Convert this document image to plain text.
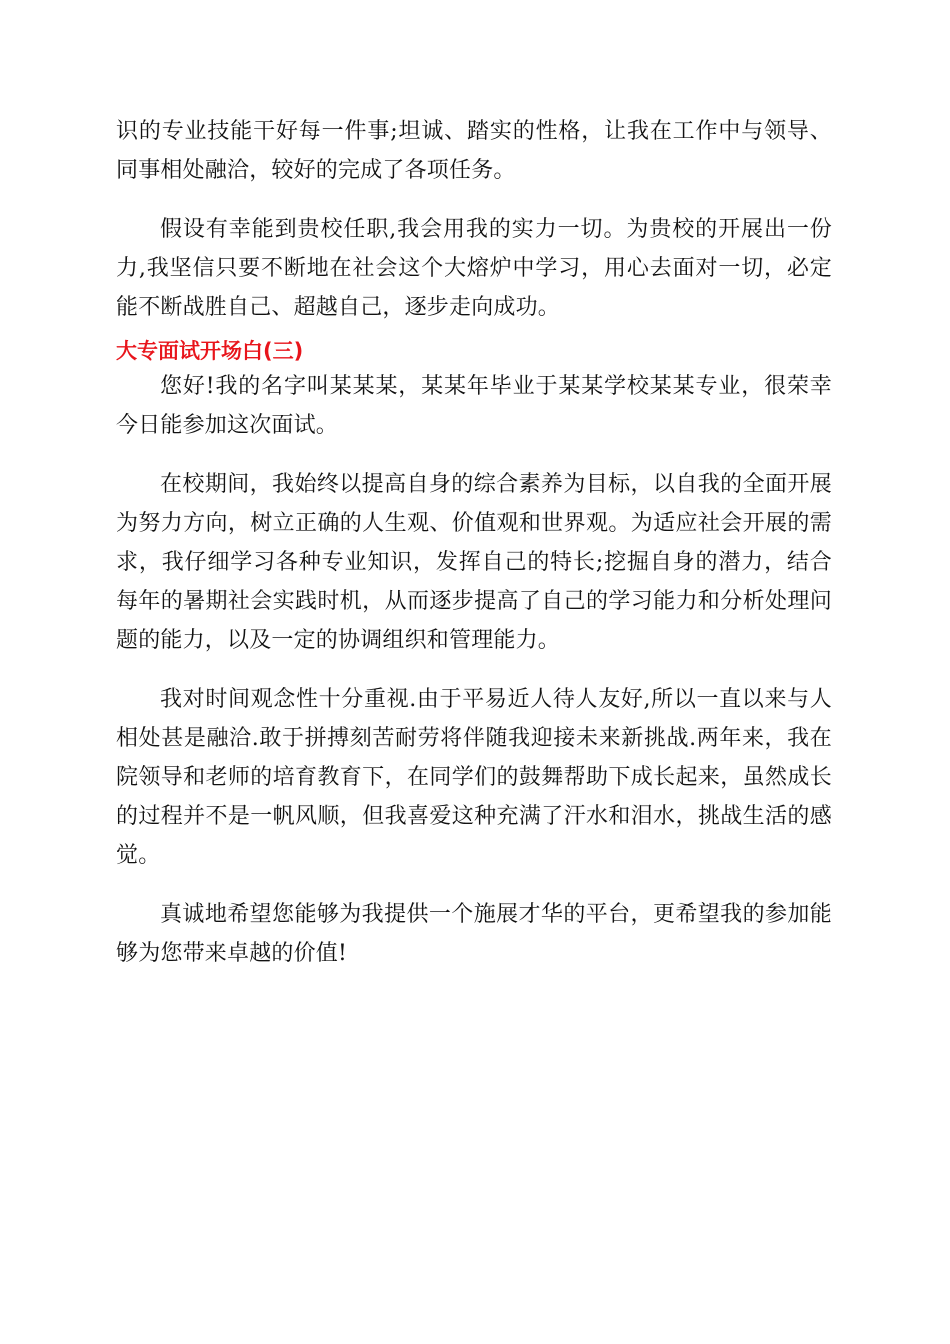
识的专业技能干好每一件事;坦诚、踏实的性格，让我在工作中与领导、同事相处融洽，较好的完成了各项任务。

假设有幸能到贵校任职,我会用我的实力一切。为贵校的开展出一份力,我坚信只要不断地在社会这个大熔炉中学习，用心去面对一切，必定能不断战胜自己、超越自己，逐步走向成功。

大专面试开场白(三)

您好!我的名字叫某某某，某某年毕业于某某学校某某专业，很荣幸今日能参加这次面试。

在校期间，我始终以提高自身的综合素养为目标，以自我的全面开展为努力方向，树立正确的人生观、价值观和世界观。为适应社会开展的需求，我仔细学习各种专业知识，发挥自己的特长;挖掘自身的潜力，结合每年的暑期社会实践时机，从而逐步提高了自己的学习能力和分析处理问题的能力，以及一定的协调组织和管理能力。

我对时间观念性十分重视.由于平易近人待人友好,所以一直以来与人相处甚是融洽.敢于拼搏刻苦耐劳将伴随我迎接未来新挑战.两年来，我在院领导和老师的培育教育下，在同学们的鼓舞帮助下成长起来，虽然成长的过程并不是一帆风顺，但我喜爱这种充满了汗水和泪水，挑战生活的感觉。

真诚地希望您能够为我提供一个施展才华的平台，更希望我的参加能够为您带来卓越的价值!
